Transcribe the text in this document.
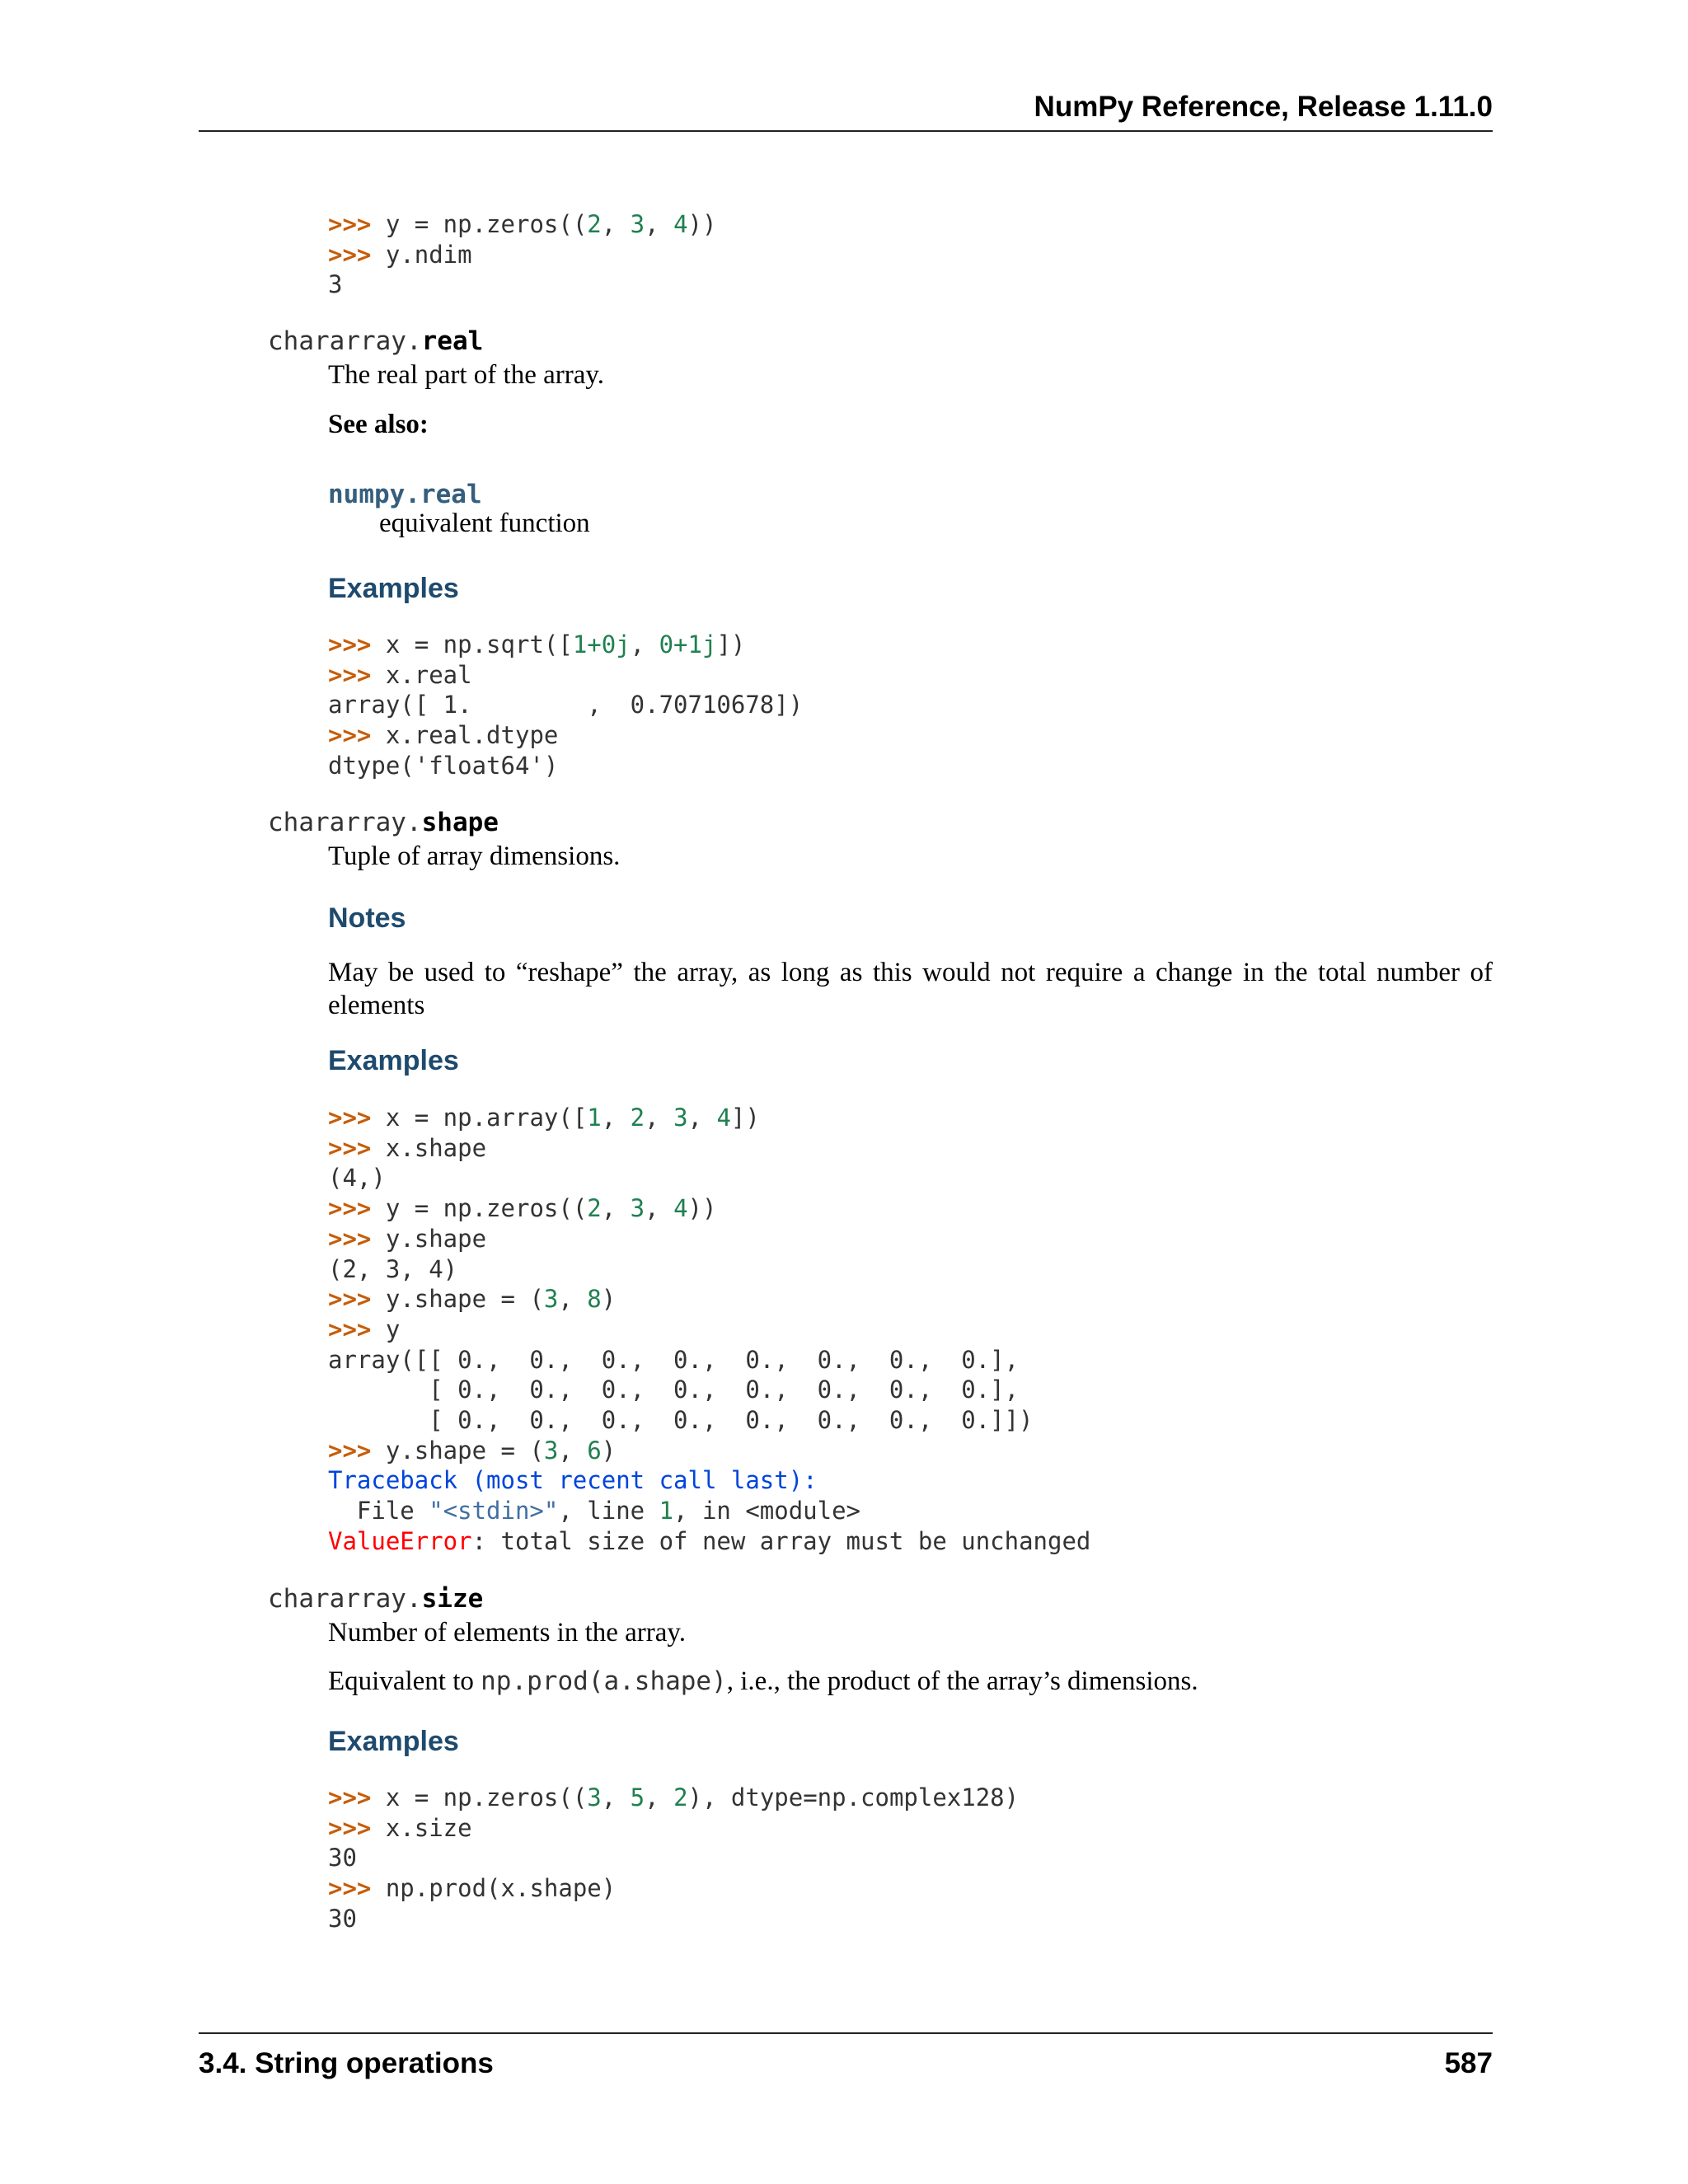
NumPy Reference, Release 1.11.0
>>> y = np.zeros((2, 3, 4))
>>> y.ndim
3
chararray.real
The real part of the array.
See also:
numpy.real
equivalent function
Examples
>>> x = np.sqrt([1+0j, 0+1j])
>>> x.real
array([ 1.        ,  0.70710678])
>>> x.real.dtype
dtype('float64')
chararray.shape
Tuple of array dimensions.
Notes
May be used to “reshape” the array, as long as this would not require a change in the total number of elements
Examples
>>> x = np.array([1, 2, 3, 4])
>>> x.shape
(4,)
>>> y = np.zeros((2, 3, 4))
>>> y.shape
(2, 3, 4)
>>> y.shape = (3, 8)
>>> y
array([[ 0.,  0.,  0.,  0.,  0.,  0.,  0.,  0.],
[ 0.,  0.,  0.,  0.,  0.,  0.,  0.,  0.],
[ 0.,  0.,  0.,  0.,  0.,  0.,  0.,  0.]])
>>> y.shape = (3, 6)
Traceback (most recent call last):
File "<stdin>", line 1, in <module>
ValueError: total size of new array must be unchanged
chararray.size
Number of elements in the array.
Equivalent to np.prod(a.shape), i.e., the product of the array’s dimensions.
Examples
>>> x = np.zeros((3, 5, 2), dtype=np.complex128)
>>> x.size
30
>>> np.prod(x.shape)
30
3.4. String operations	587
